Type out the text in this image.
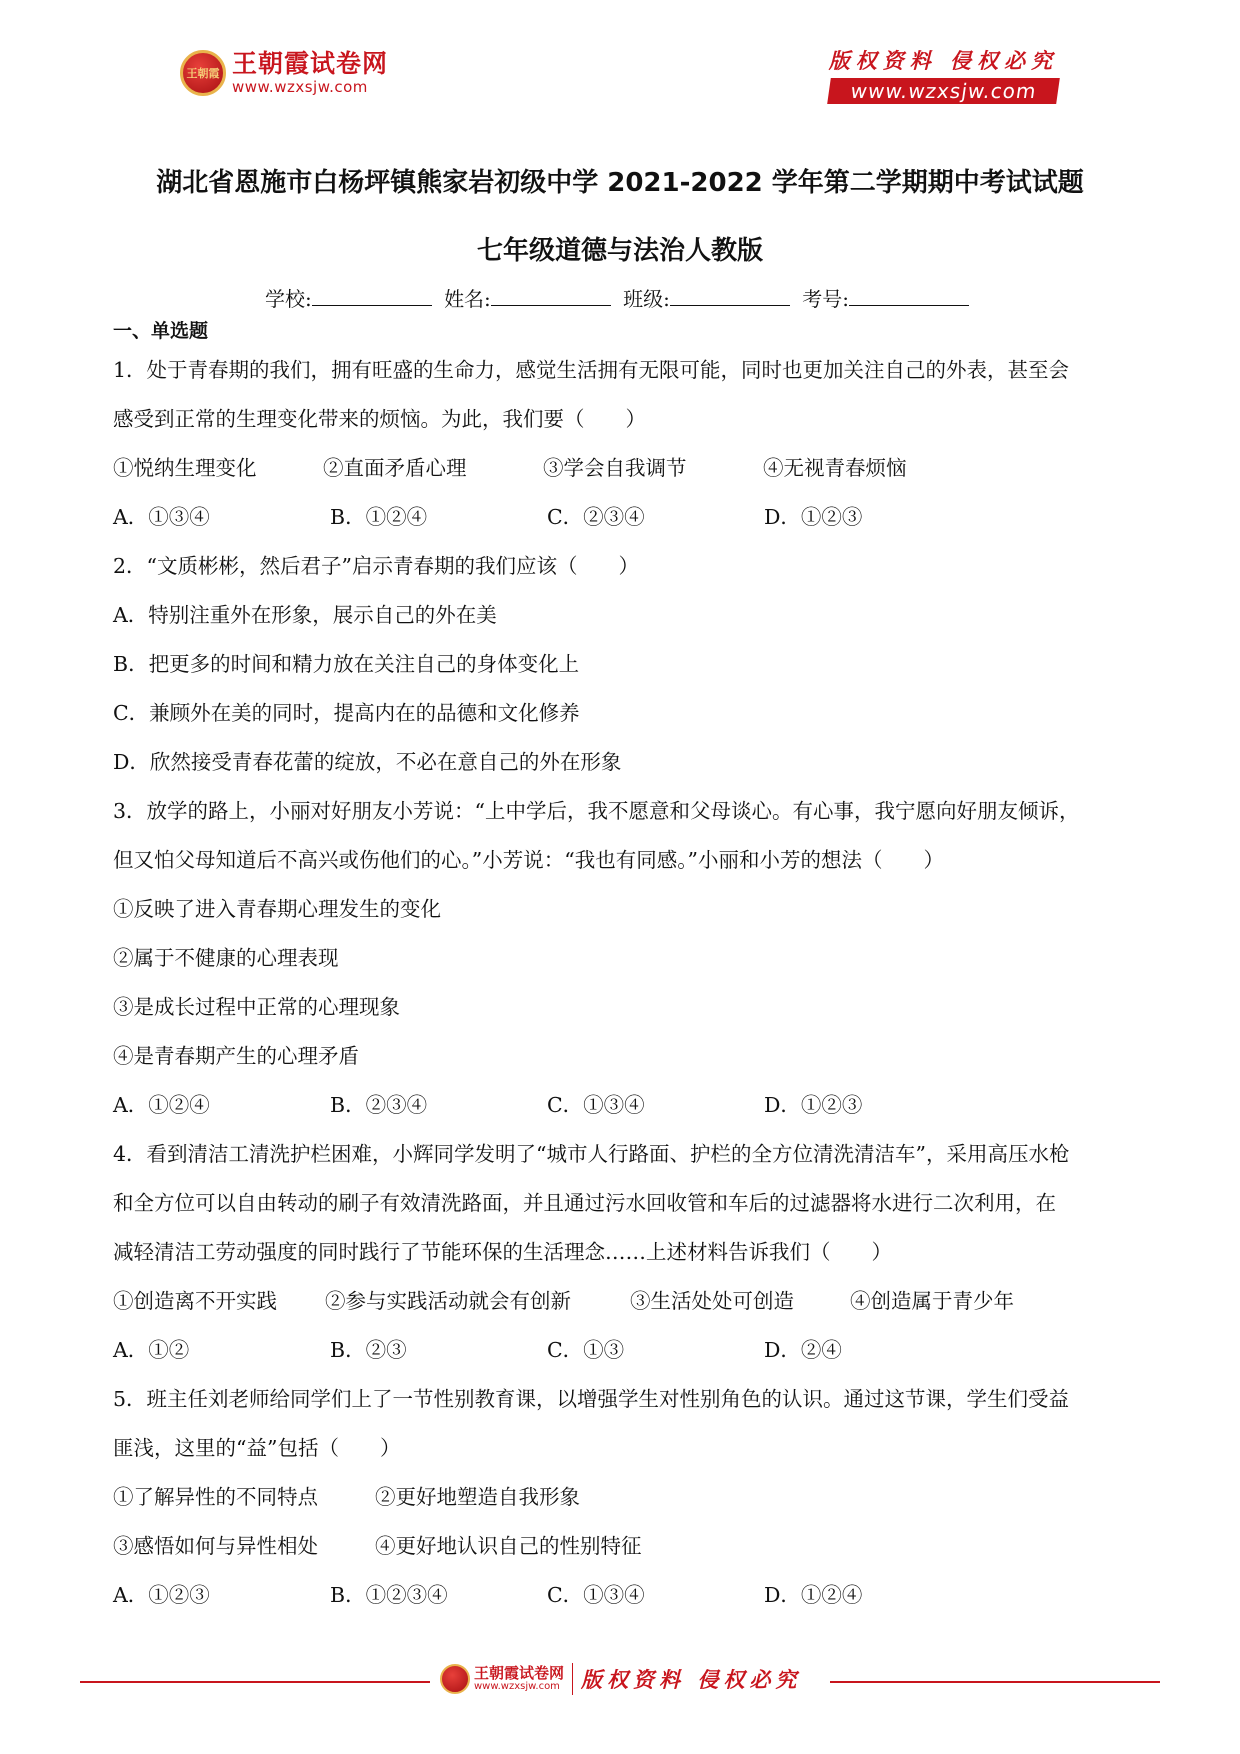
王朝霞 王朝霞试卷网
www.wzxsjw.com
版权资料 侵权必究
www.wzxsjw.com
湖北省恩施市白杨坪镇熊家岩初级中学 2021-2022 学年第二学期期中考试试题
七年级道德与法治人教版
学校:	姓名:	班级:	考号:
一、单选题
1．处于青春期的我们，拥有旺盛的生命力，感觉生活拥有无限可能，同时也更加关注自己的外表，甚至会
感受到正常的生理变化带来的烦恼。为此，我们要（　　）
①悦纳生理变化	②直面矛盾心理	③学会自我调节	④无视青春烦恼
A．①③④	B．①②④	C．②③④	D．①②③
2．“文质彬彬，然后君子”启示青春期的我们应该（　　）
A．特别注重外在形象，展示自己的外在美
B．把更多的时间和精力放在关注自己的身体变化上
C．兼顾外在美的同时，提高内在的品德和文化修养
D．欣然接受青春花蕾的绽放，不必在意自己的外在形象
3．放学的路上，小丽对好朋友小芳说：“上中学后，我不愿意和父母谈心。有心事，我宁愿向好朋友倾诉，
但又怕父母知道后不高兴或伤他们的心。”小芳说：“我也有同感。”小丽和小芳的想法（　　）
①反映了进入青春期心理发生的变化
②属于不健康的心理表现
③是成长过程中正常的心理现象
④是青春期产生的心理矛盾
A．①②④	B．②③④	C．①③④	D．①②③
4．看到清洁工清洗护栏困难，小辉同学发明了“城市人行路面、护栏的全方位清洗清洁车”，采用高压水枪
和全方位可以自由转动的刷子有效清洗路面，并且通过污水回收管和车后的过滤器将水进行二次利用，在
减轻清洁工劳动强度的同时践行了节能环保的生活理念……上述材料告诉我们（　　）
①创造离不开实践	②参与实践活动就会有创新	③生活处处可创造	④创造属于青少年
A．①②	B．②③	C．①③	D．②④
5．班主任刘老师给同学们上了一节性别教育课，以增强学生对性别角色的认识。通过这节课，学生们受益
匪浅，这里的“益”包括（　　）
①了解异性的不同特点	②更好地塑造自我形象
③感悟如何与异性相处	④更好地认识自己的性别特征
A．①②③	B．①②③④	C．①③④	D．①②④
王朝霞试卷网
www.wzxsjw.com 版权资料 侵权必究
